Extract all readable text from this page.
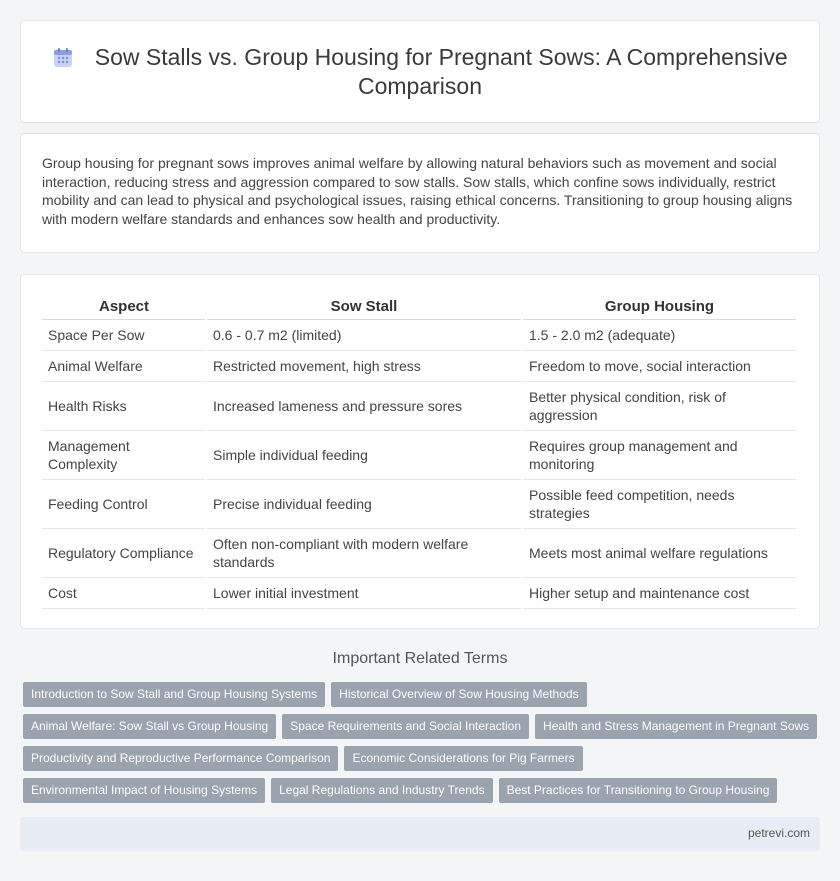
Sow Stalls vs. Group Housing for Pregnant Sows: A Comprehensive Comparison

Group housing for pregnant sows improves animal welfare by allowing natural behaviors such as movement and social interaction, reducing stress and aggression compared to sow stalls. Sow stalls, which confine sows individually, restrict mobility and can lead to physical and psychological issues, raising ethical concerns. Transitioning to group housing aligns with modern welfare standards and enhances sow health and productivity.

Aspect	Sow Stall	Group Housing
Space Per Sow	0.6 - 0.7 m2 (limited)	1.5 - 2.0 m2 (adequate)
Animal Welfare	Restricted movement, high stress	Freedom to move, social interaction
Health Risks	Increased lameness and pressure sores	Better physical condition, risk of aggression
Management Complexity	Simple individual feeding	Requires group management and monitoring
Feeding Control	Precise individual feeding	Possible feed competition, needs strategies
Regulatory Compliance	Often non-compliant with modern welfare standards	Meets most animal welfare regulations
Cost	Lower initial investment	Higher setup and maintenance cost
Important Related Terms
Introduction to Sow Stall and Group Housing Systems Historical Overview of Sow Housing Methods
Animal Welfare: Sow Stall vs Group Housing Space Requirements and Social Interaction Health and Stress Management in Pregnant Sows
Productivity and Reproductive Performance Comparison Economic Considerations for Pig Farmers
Environmental Impact of Housing Systems Legal Regulations and Industry Trends Best Practices for Transitioning to Group Housing
petrevi.com
